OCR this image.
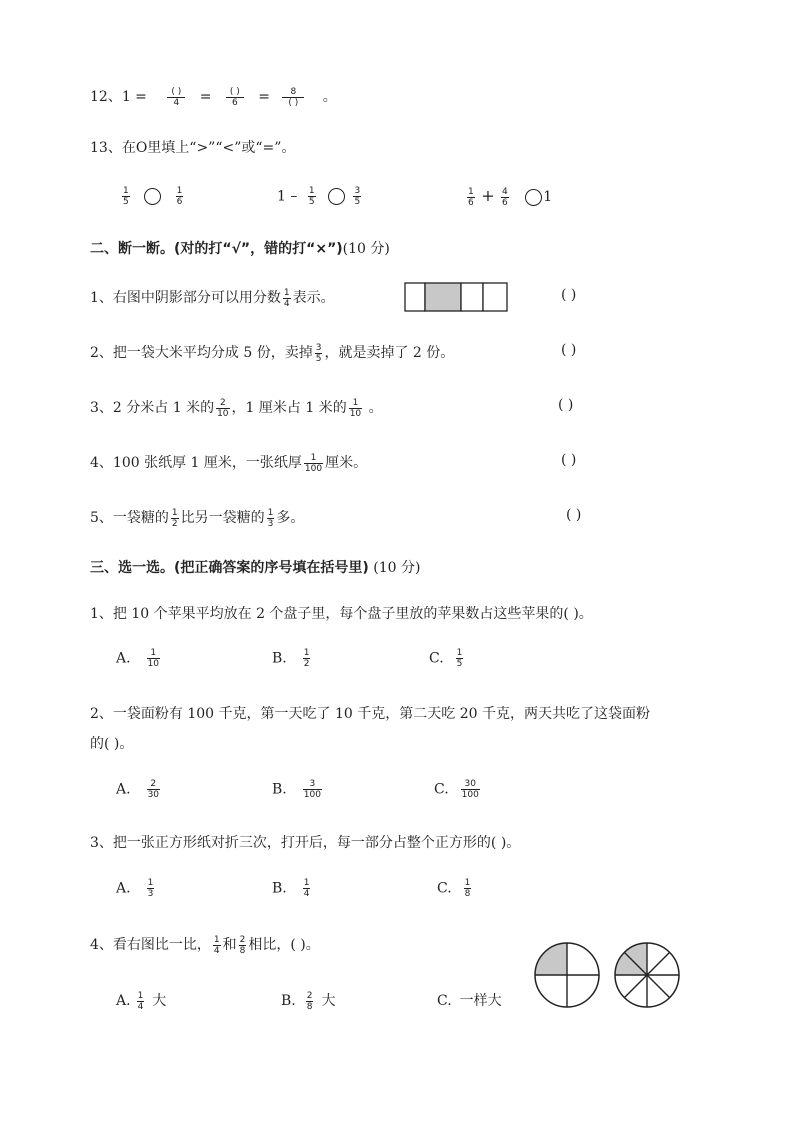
12、$1 = \frac{( )}{4} = \frac{( )}{6} = \frac{8}{( )}$ 。
13、在O里填上“>”“<”或“=”。
$\frac{1}{5}$
	$\frac{1}{6}$	$1 - \frac{1}{5}$
	$\frac{3}{5}$	$\frac{1}{6} + \frac{4}{6} 1$
二、断一断。(对的打“√”，错的打“×”)(10 分)
1、右图中阴影部分可以用分数 $\frac{1}{4}$ 表示。	( )
2、把一袋大米平均分成 5 份，卖掉 $\frac{3}{5}$ ，就是卖掉了 2 份。	( )
3、2 分米占 1 米的 $\frac{2}{10}$ ，1 厘米占 1 米的 $\frac{1}{10}$ 。	( )
4、100 张纸厚 1 厘米，一张纸厚 $\frac{1}{100}$ 厘米。	( )
5、一袋糖的 $\frac{1}{2}$ 比另一袋糖的 $\frac{1}{3}$ 多。	( )
三、选一选。(把正确答案的序号填在括号里) (10 分)
1、把 10 个苹果平均放在 2 个盘子里，每个盘子里放的苹果数占这些苹果的( )。
A. $\frac{1}{10}$	B. $\frac{1}{2}$	C. $\frac{1}{5}$
2、一袋面粉有 100 千克，第一天吃了 10 千克，第二天吃 20 千克，两天共吃了这袋面粉
的( )。
A. $\frac{2}{30}$	B. $\frac{3}{100}$	C. $\frac{30}{100}$
3、把一张正方形纸对折三次，打开后，每一部分占整个正方形的( )。
A. $\frac{1}{3}$	B. $\frac{1}{4}$	C. $\frac{1}{8}$
4、看右图比一比， $\frac{1}{4}$ 和 $\frac{2}{8}$ 相比，( )。
A. $\frac{1}{4}$ 大	B. $\frac{2}{8}$ 大	C. 一样大
